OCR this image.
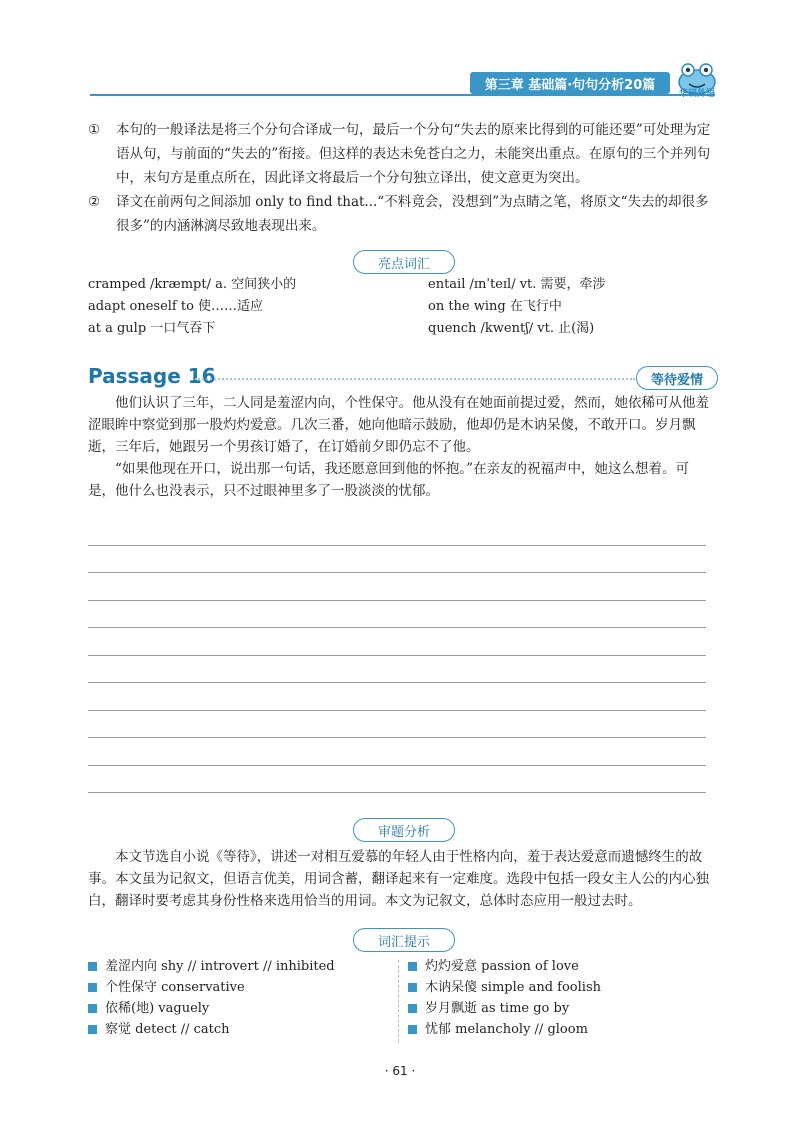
第三章 基础篇·句句分析20篇
华研外语
①	本句的一般译法是将三个分句合译成一句，最后一个分句“失去的原来比得到的可能还要”可处理为定语从句，与前面的“失去的”衔接。但这样的表达未免苍白之力，未能突出重点。在原句的三个并列句中，末句方是重点所在，因此译文将最后一个分句独立译出，使文意更为突出。
②	译文在前两句之间添加 only to find that...“不料竟会，没想到”为点睛之笔，将原文“失去的却很多很多”的内涵淋漓尽致地表现出来。
亮点词汇
cramped /kræmpt/ a. 空间狭小的	entail /ɪnˈteɪl/ vt. 需要，牵涉
adapt oneself to 使……适应	on the wing 在飞行中
at a gulp 一口气吞下	quench /kwentʃ/ vt. 止(渴)
Passage 16	等待爱情

他们认识了三年，二人同是羞涩内向，个性保守。他从没有在她面前提过爱，然而，她依稀可从他羞涩眼眸中察觉到那一股灼灼爱意。几次三番，她向他暗示鼓励，他却仍是木讷呆傻，不敢开口。岁月飘逝，三年后，她跟另一个男孩订婚了，在订婚前夕即仍忘不了他。

“如果他现在开口，说出那一句话，我还愿意回到他的怀抱。”在亲友的祝福声中，她这么想着。可是，他什么也没表示，只不过眼神里多了一股淡淡的忧郁。

审题分析

本文节选自小说《等待》，讲述一对相互爱慕的年轻人由于性格内向，羞于表达爱意而遗憾终生的故事。本文虽为记叙文，但语言优美，用词含蓄，翻译起来有一定难度。选段中包括一段女主人公的内心独白，翻译时要考虑其身份性格来选用恰当的用词。本文为记叙文，总体时态应用一般过去时。

词汇提示
羞涩内向 shy // introvert // inhibited	灼灼爱意 passion of love
个性保守 conservative	木讷呆傻 simple and foolish
依稀(地) vaguely	岁月飘逝 as time go by
察觉 detect // catch	忧郁 melancholy // gloom
· 61 ·
